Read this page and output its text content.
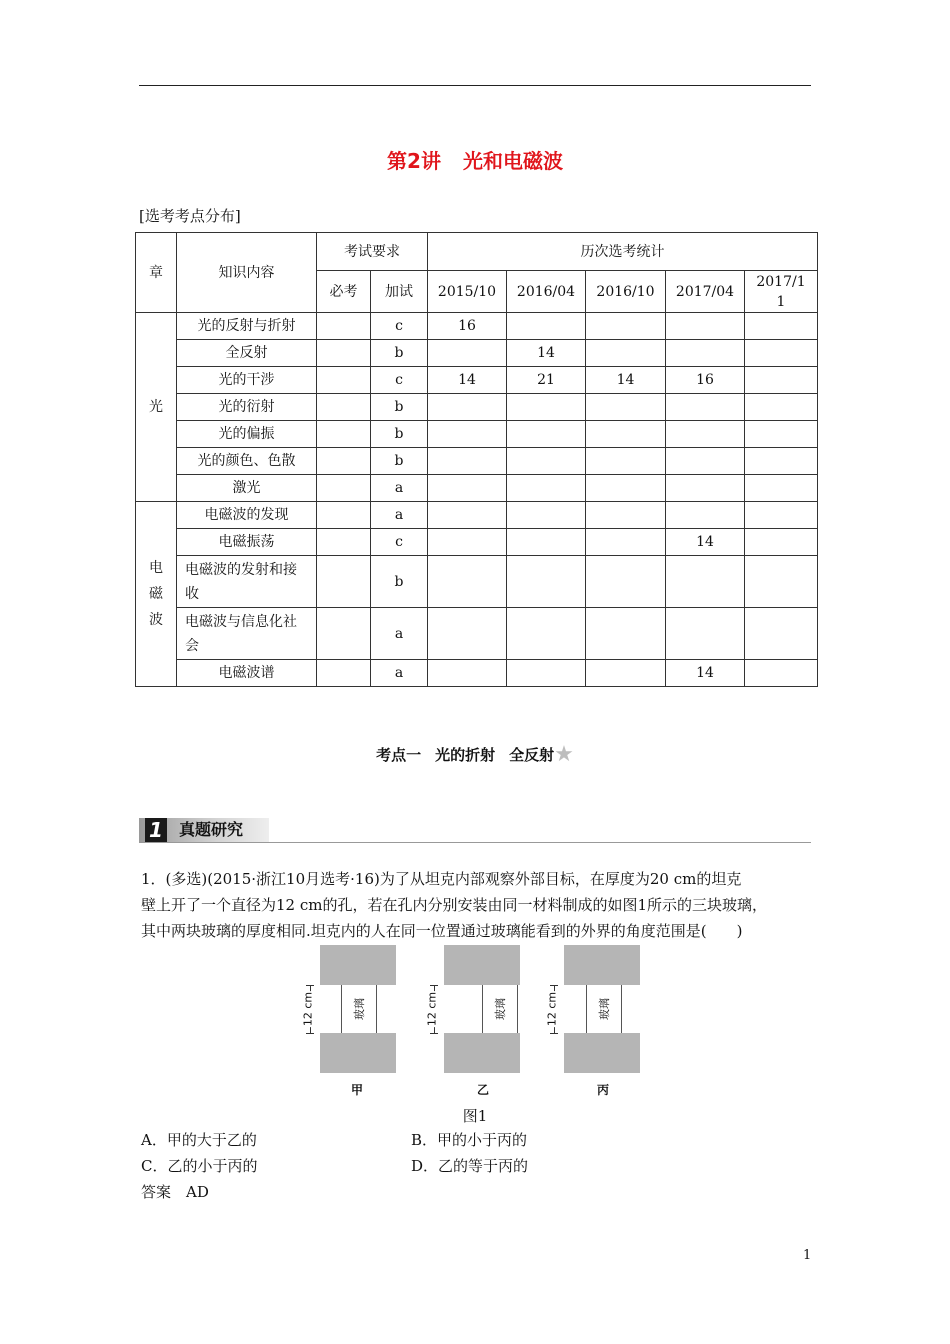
第2讲 光和电磁波
[选考考点分布]
章	知识内容	考试要求		历次选考统计				
		必考	加试	2015/10	2016/04	2016/10	2017/04	2017/11
光	光的反射与折射		c	16				
	全反射		b		14			
	光的干涉		c	14	21	14	16	
	光的衍射		b					
	光的偏振		b					
	光的颜色、色散		b					
	激光		a					
电磁波	电磁波的发现		a					
	电磁振荡		c				14	
	电磁波的发射和接收		b					
	电磁波与信息化社会		a					
	电磁波谱		a				14	
考点一 光的折射 全反射★
1 真题研究
1．(多选)(2015·浙江10月选考·16)为了从坦克内部观察外部目标，在厚度为20 cm的坦克
壁上开了一个直径为12 cm的孔，若在孔内分别安装由同一材料制成的如图1所示的三块玻璃，
其中两块玻璃的厚度相同.坦克内的人在同一位置通过玻璃能看到的外界的角度范围是(　　)
玻璃
12 cm
甲
玻璃
12 cm
乙
玻璃
12 cm
丙
图1
A．甲的大于乙的	B．甲的小于丙的
C．乙的小于丙的	D．乙的等于丙的
答案　AD
1
